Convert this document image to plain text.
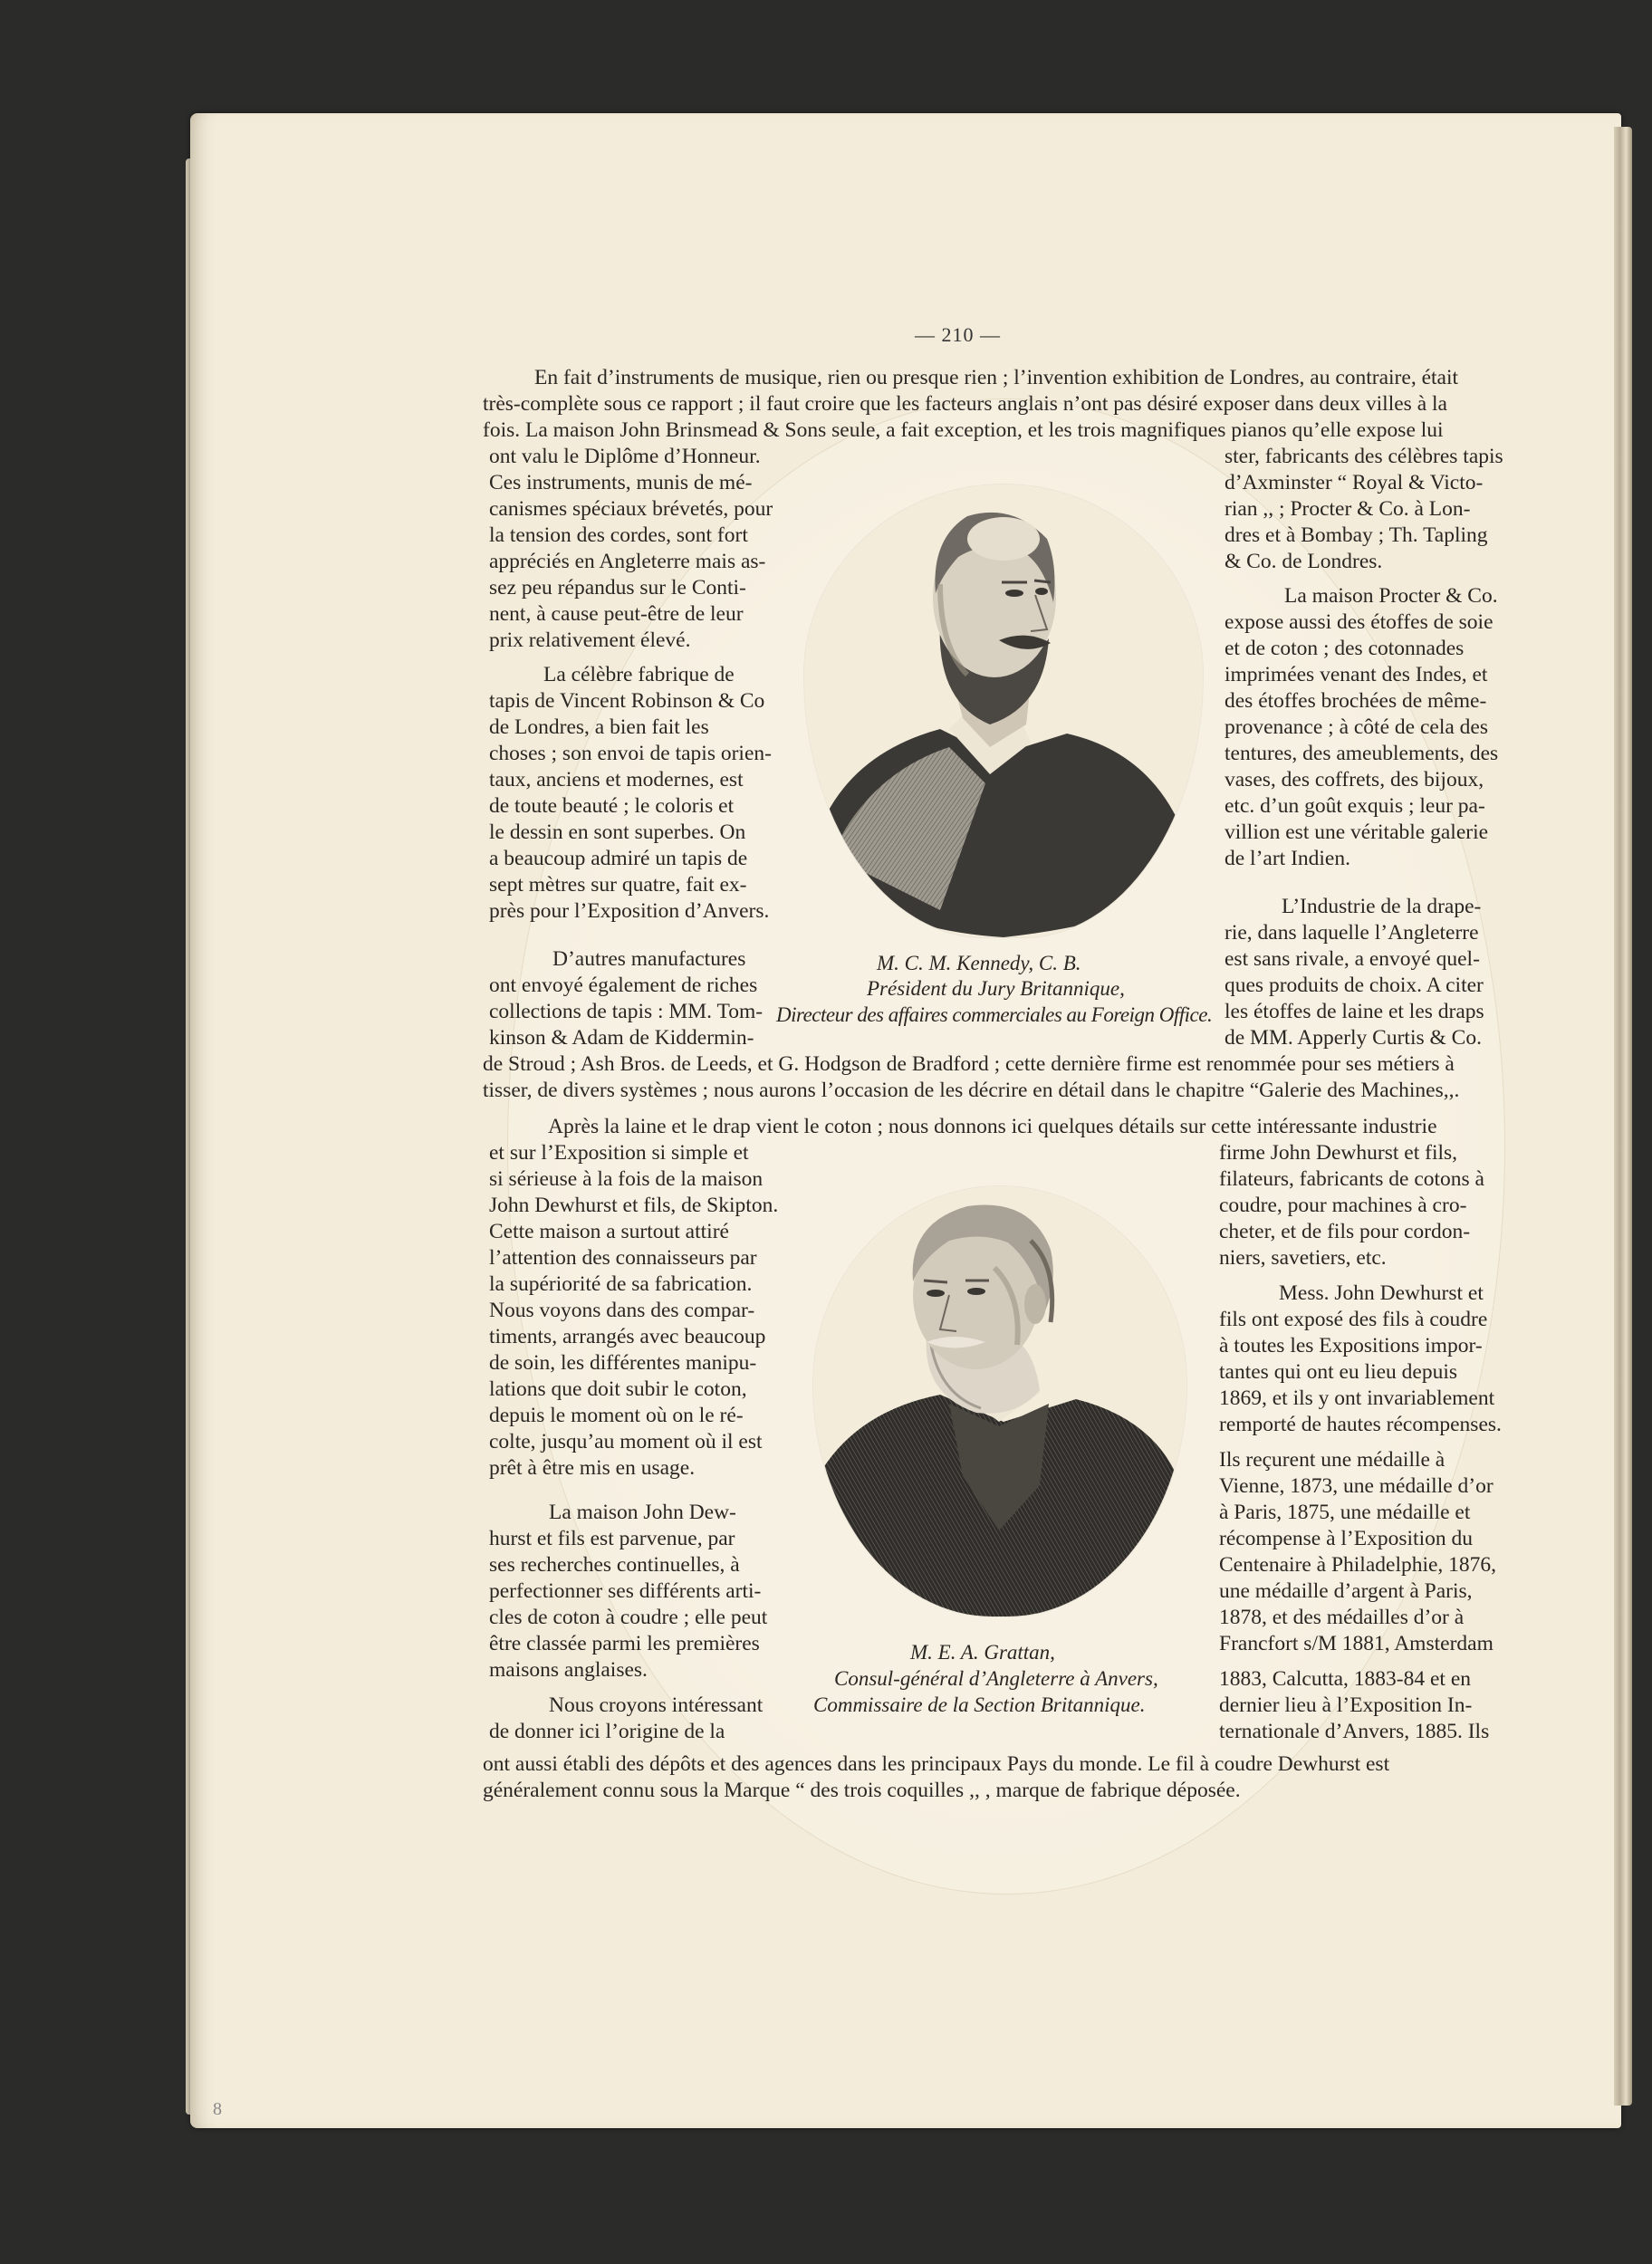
— 210 —
8
M. C. M. Kennedy, C. B.
Président du Jury Britannique,
Directeur des affaires commerciales au Foreign Office.
M. E. A. Grattan,
Consul-général d’Angleterre à Anvers,
Commissaire de la Section Britannique.
En fait d’instruments de musique, rien ou presque rien ; l’invention exhibition de Londres, au contraire, était
très-complète sous ce rapport ; il faut croire que les facteurs anglais n’ont pas désiré exposer dans deux villes à la
fois. La maison John Brinsmead & Sons seule, a fait exception, et les trois magnifiques pianos qu’elle expose lui
ont valu le Diplôme d’Honneur.
Ces instruments, munis de mé-
canismes spéciaux brévetés, pour
la tension des cordes, sont fort
appréciés en Angleterre mais as-
sez peu répandus sur le Conti-
nent, à cause peut-être de leur
prix relativement élevé.
La célèbre fabrique de
tapis de Vincent Robinson & Co
de Londres, a bien fait les
choses ; son envoi de tapis orien-
taux, anciens et modernes, est
de toute beauté ; le coloris et
le dessin en sont superbes. On
a beaucoup admiré un tapis de
sept mètres sur quatre, fait ex-
près pour l’Exposition d’Anvers.
D’autres manufactures
ont envoyé également de riches
collections de tapis : MM. Tom-
kinson & Adam de Kiddermin-
ster, fabricants des célèbres tapis
d’Axminster “ Royal & Victo-
rian ,, ; Procter & Co. à Lon-
dres et à Bombay ; Th. Tapling
& Co. de Londres.
La maison Procter & Co.
expose aussi des étoffes de soie
et de coton ; des cotonnades
imprimées venant des Indes, et
des étoffes brochées de même-
provenance ; à côté de cela des
tentures, des ameublements, des
vases, des coffrets, des bijoux,
etc. d’un goût exquis ; leur pa-
villion est une véritable galerie
de l’art Indien.
L’Industrie de la drape-
rie, dans laquelle l’Angleterre
est sans rivale, a envoyé quel-
ques produits de choix. A citer
les étoffes de laine et les draps
de MM. Apperly Curtis & Co.
de Stroud ; Ash Bros. de Leeds, et G. Hodgson de Bradford ; cette dernière firme est renommée pour ses métiers à
tisser, de divers systèmes ; nous aurons l’occasion de les décrire en détail dans le chapitre “Galerie des Machines,,.
Après la laine et le drap vient le coton ; nous donnons ici quelques détails sur cette intéressante industrie
et sur l’Exposition si simple et
si sérieuse à la fois de la maison
John Dewhurst et fils, de Skipton.
Cette maison a surtout attiré
l’attention des connaisseurs par
la supériorité de sa fabrication.
Nous voyons dans des compar-
timents, arrangés avec beaucoup
de soin, les différentes manipu-
lations que doit subir le coton,
depuis le moment où on le ré-
colte, jusqu’au moment où il est
prêt à être mis en usage.
La maison John Dew-
hurst et fils est parvenue, par
ses recherches continuelles, à
perfectionner ses différents arti-
cles de coton à coudre ; elle peut
être classée parmi les premières
maisons anglaises.
Nous croyons intéressant
de donner ici l’origine de la
firme John Dewhurst et fils,
filateurs, fabricants de cotons à
coudre, pour machines à cro-
cheter, et de fils pour cordon-
niers, savetiers, etc.
Mess. John Dewhurst et
fils ont exposé des fils à coudre
à toutes les Expositions impor-
tantes qui ont eu lieu depuis
1869, et ils y ont invariablement
remporté de hautes récompenses.
Ils reçurent une médaille à
Vienne, 1873, une médaille d’or
à Paris, 1875, une médaille et
récompense à l’Exposition du
Centenaire à Philadelphie, 1876,
une médaille d’argent à Paris,
1878, et des médailles d’or à
Francfort s/M 1881, Amsterdam
1883, Calcutta, 1883-84 et en
dernier lieu à l’Exposition In-
ternationale d’Anvers, 1885. Ils
ont aussi établi des dépôts et des agences dans les principaux Pays du monde. Le fil à coudre Dewhurst est
généralement connu sous la Marque “ des trois coquilles ,, , marque de fabrique déposée.
